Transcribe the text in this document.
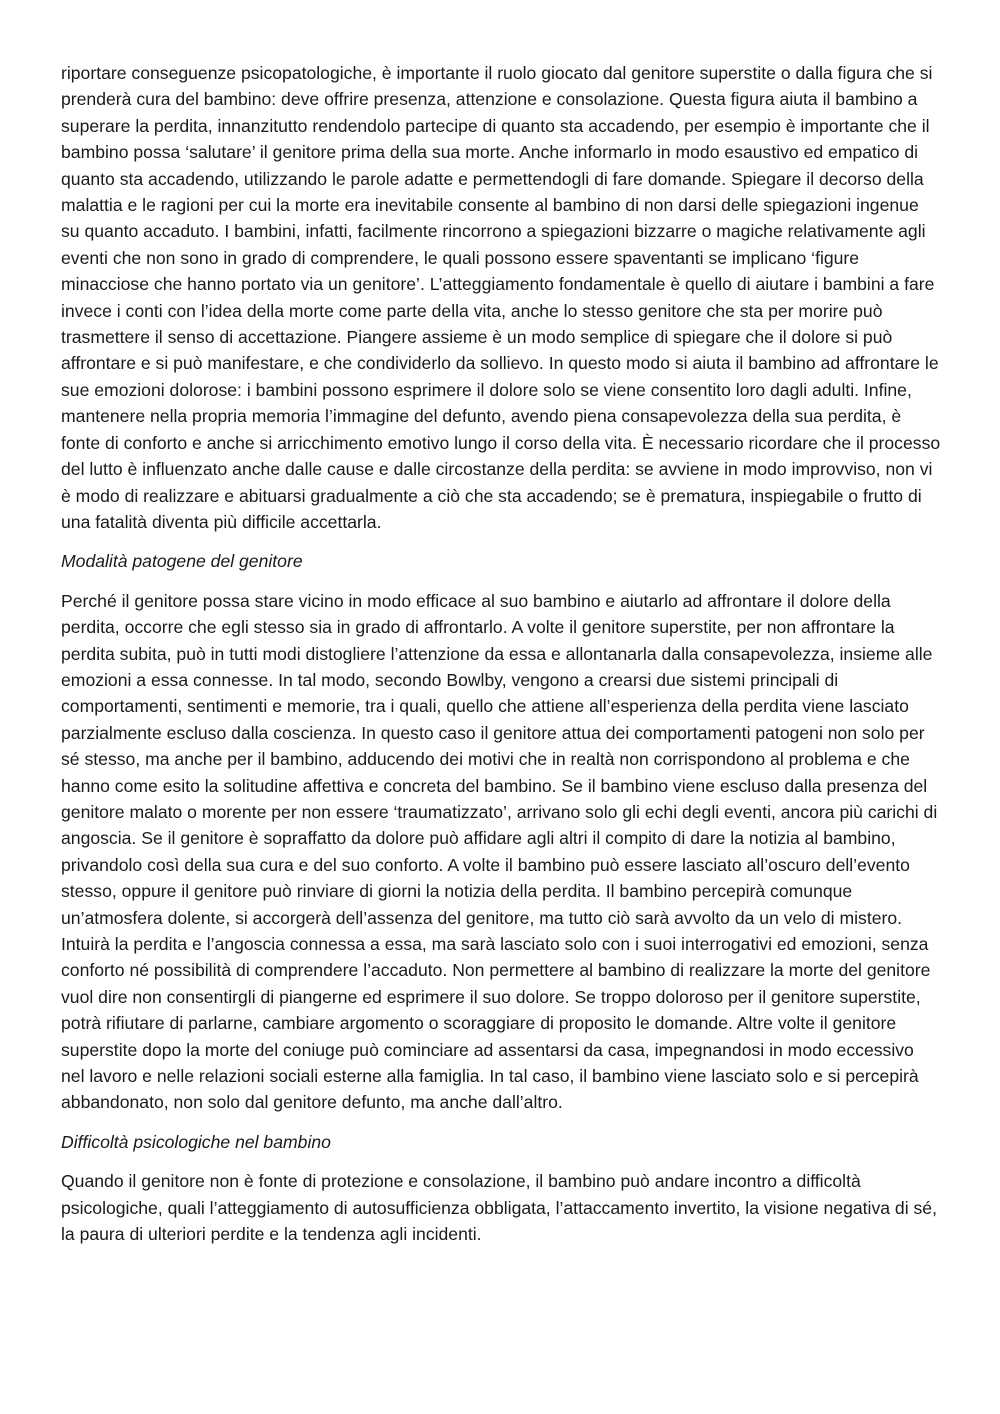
riportare conseguenze psicopatologiche, è importante il ruolo giocato dal genitore superstite o dalla figura che si prenderà cura del bambino: deve offrire presenza, attenzione e consolazione. Questa figura aiuta il bambino a superare la perdita, innanzitutto rendendolo partecipe di quanto sta accadendo, per esempio è importante che il bambino possa ‘salutare’ il genitore prima della sua morte. Anche informarlo in modo esaustivo ed empatico di quanto sta accadendo, utilizzando le parole adatte e permettendogli di fare domande. Spiegare il decorso della malattia e le ragioni per cui la morte era inevitabile consente al bambino di non darsi delle spiegazioni ingenue su quanto accaduto. I bambini, infatti, facilmente rincorrono a spiegazioni bizzarre o magiche relativamente agli eventi che non sono in grado di comprendere, le quali possono essere spaventanti se implicano ‘figure minacciose che hanno portato via un genitore’. L’atteggiamento fondamentale è quello di aiutare i bambini a fare invece i conti con l’idea della morte come parte della vita, anche lo stesso genitore che sta per morire può trasmettere il senso di accettazione. Piangere assieme è un modo semplice di spiegare che il dolore si può affrontare e si può manifestare, e che condividerlo da sollievo. In questo modo si aiuta il bambino ad affrontare le sue emozioni dolorose: i bambini possono esprimere il dolore solo se viene consentito loro dagli adulti. Infine, mantenere nella propria memoria l’immagine del defunto, avendo piena consapevolezza della sua perdita, è fonte di conforto e anche si arricchimento emotivo lungo il corso della vita. È necessario ricordare che il processo del lutto è influenzato anche dalle cause e dalle circostanze della perdita: se avviene in modo improvviso, non vi è modo di realizzare e abituarsi gradualmente a ciò che sta accadendo; se è prematura, inspiegabile o frutto di una fatalità diventa più difficile accettarla.

Modalità patogene del genitore

Perché il genitore possa stare vicino in modo efficace al suo bambino e aiutarlo ad affrontare il dolore della perdita, occorre che egli stesso sia in grado di affrontarlo. A volte il genitore superstite, per non affrontare la perdita subita, può in tutti modi distogliere l’attenzione da essa e allontanarla dalla consapevolezza, insieme alle emozioni a essa connesse. In tal modo, secondo Bowlby, vengono a crearsi due sistemi principali di comportamenti, sentimenti e memorie, tra i quali, quello che attiene all’esperienza della perdita viene lasciato parzialmente escluso dalla coscienza. In questo caso il genitore attua dei comportamenti patogeni non solo per sé stesso, ma anche per il bambino, adducendo dei motivi che in realtà non corrispondono al problema e che hanno come esito la solitudine affettiva e concreta del bambino. Se il bambino viene escluso dalla presenza del genitore malato o morente per non essere ‘traumatizzato’, arrivano solo gli echi degli eventi, ancora più carichi di angoscia. Se il genitore è sopraffatto da dolore può affidare agli altri il compito di dare la notizia al bambino, privandolo così della sua cura e del suo conforto. A volte il bambino può essere lasciato all’oscuro dell’evento stesso, oppure il genitore può rinviare di giorni la notizia della perdita. Il bambino percepirà comunque un’atmosfera dolente, si accorgerà dell’assenza del genitore, ma tutto ciò sarà avvolto da un velo di mistero. Intuirà la perdita e l’angoscia connessa a essa, ma sarà lasciato solo con i suoi interrogativi ed emozioni, senza conforto né possibilità di comprendere l’accaduto. Non permettere al bambino di realizzare la morte del genitore vuol dire non consentirgli di piangerne ed esprimere il suo dolore. Se troppo doloroso per il genitore superstite, potrà rifiutare di parlarne, cambiare argomento o scoraggiare di proposito le domande. Altre volte il genitore superstite dopo la morte del coniuge può cominciare ad assentarsi da casa, impegnandosi in modo eccessivo nel lavoro e nelle relazioni sociali esterne alla famiglia. In tal caso, il bambino viene lasciato solo e si percepirà abbandonato, non solo dal genitore defunto, ma anche dall’altro.

Difficoltà psicologiche nel bambino

Quando il genitore non è fonte di protezione e consolazione, il bambino può andare incontro a difficoltà psicologiche, quali l’atteggiamento di autosufficienza obbligata, l’attaccamento invertito, la visione negativa di sé, la paura di ulteriori perdite e la tendenza agli incidenti.
